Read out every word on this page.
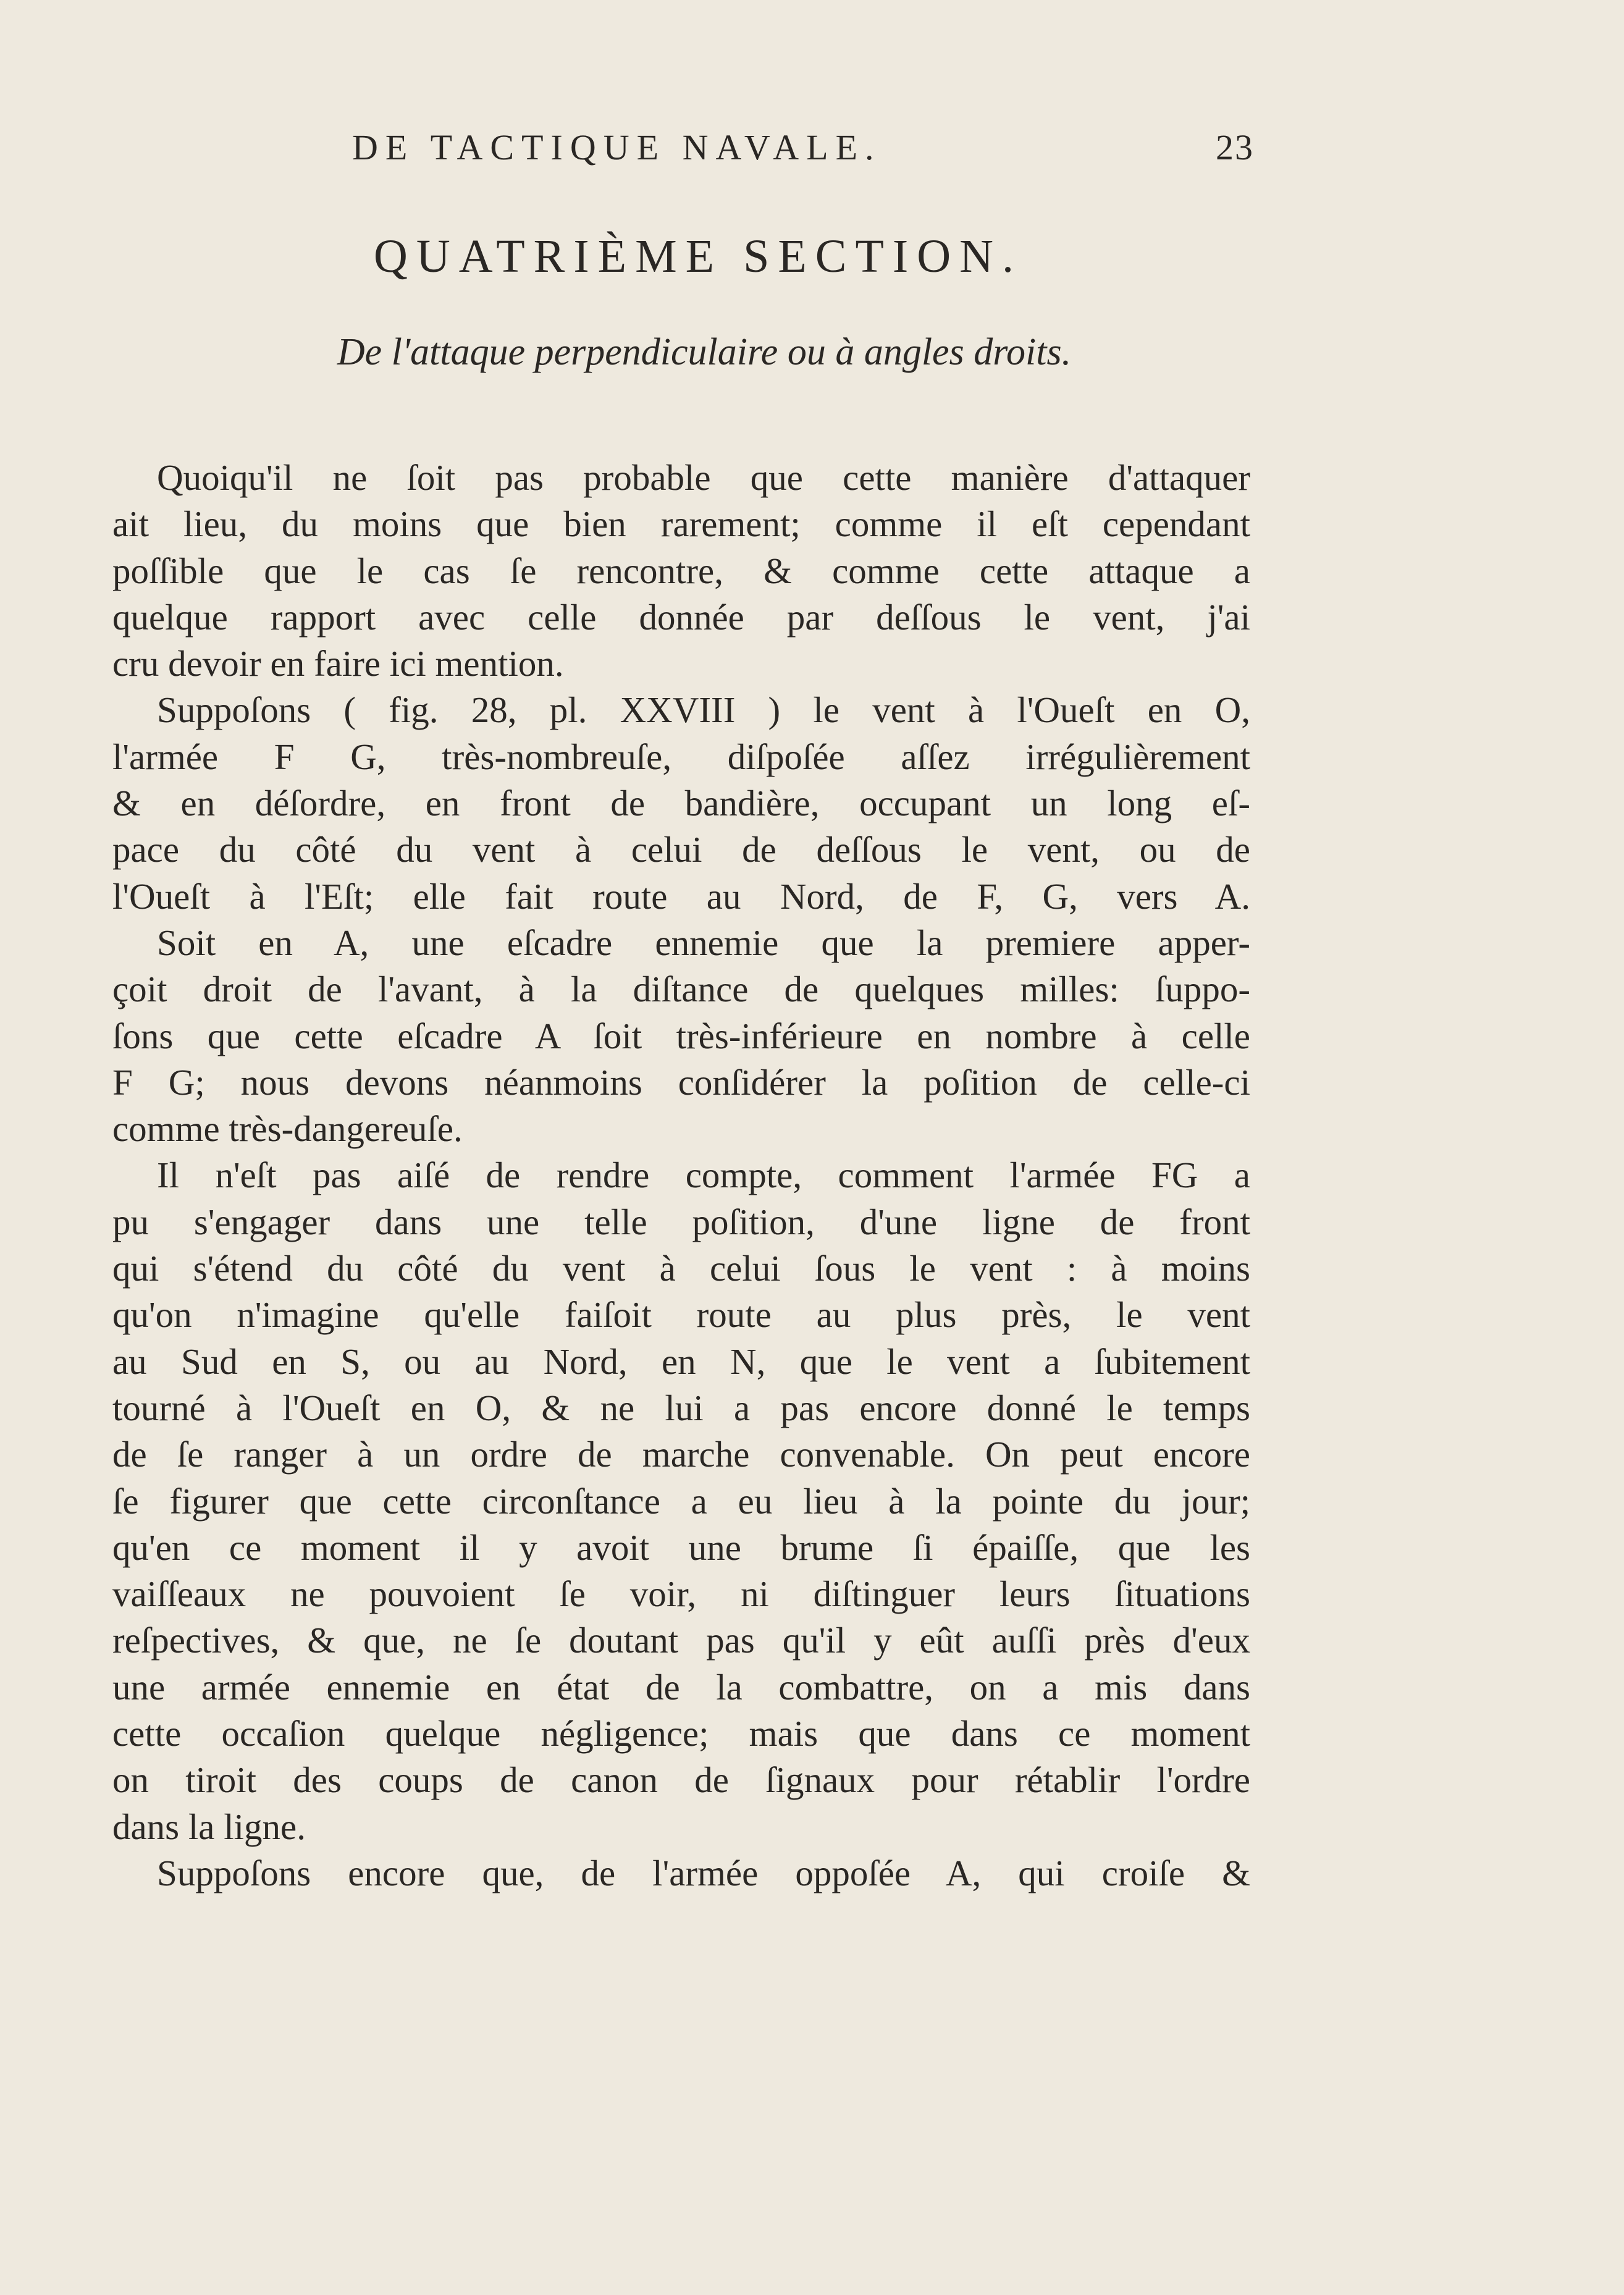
DE TACTIQUE NAVALE.	23
QUATRIÈME SECTION.
De l'attaque perpendiculaire ou à angles droits.
Quoiqu'il ne ſoit pas probable que cette manière d'attaquer
ait lieu, du moins que bien rarement; comme il eſt cependant
poſſible que le cas ſe rencontre, & comme cette attaque a
quelque rapport avec celle donnée par deſſous le vent, j'ai
cru devoir en faire ici mention.
Suppoſons ( fig. 28, pl. XXVIII ) le vent à l'Oueſt en O,
l'armée F G, très-nombreuſe, diſpoſée aſſez irrégulièrement
& en déſordre, en front de bandière, occupant un long eſ-
pace du côté du vent à celui de deſſous le vent, ou de
l'Oueſt à l'Eſt; elle fait route au Nord, de F, G, vers A.
Soit en A, une eſcadre ennemie que la premiere apper-
çoit droit de l'avant, à la diſtance de quelques milles: ſuppo-
ſons que cette eſcadre A ſoit très-inférieure en nombre à celle
F G; nous devons néanmoins conſidérer la poſition de celle-ci
comme très-dangereuſe.
Il n'eſt pas aiſé de rendre compte, comment l'armée FG a
pu s'engager dans une telle poſition, d'une ligne de front
qui s'étend du côté du vent à celui ſous le vent : à moins
qu'on n'imagine qu'elle faiſoit route au plus près, le vent
au Sud en S, ou au Nord, en N, que le vent a ſubitement
tourné à l'Oueſt en O, & ne lui a pas encore donné le temps
de ſe ranger à un ordre de marche convenable. On peut encore
ſe figurer que cette circonſtance a eu lieu à la pointe du jour;
qu'en ce moment il y avoit une brume ſi épaiſſe, que les
vaiſſeaux ne pouvoient ſe voir, ni diſtinguer leurs ſituations
reſpectives, & que, ne ſe doutant pas qu'il y eût auſſi près d'eux
une armée ennemie en état de la combattre, on a mis dans
cette occaſion quelque négligence; mais que dans ce moment
on tiroit des coups de canon de ſignaux pour rétablir l'ordre
dans la ligne.
Suppoſons encore que, de l'armée oppoſée A, qui croiſe &
